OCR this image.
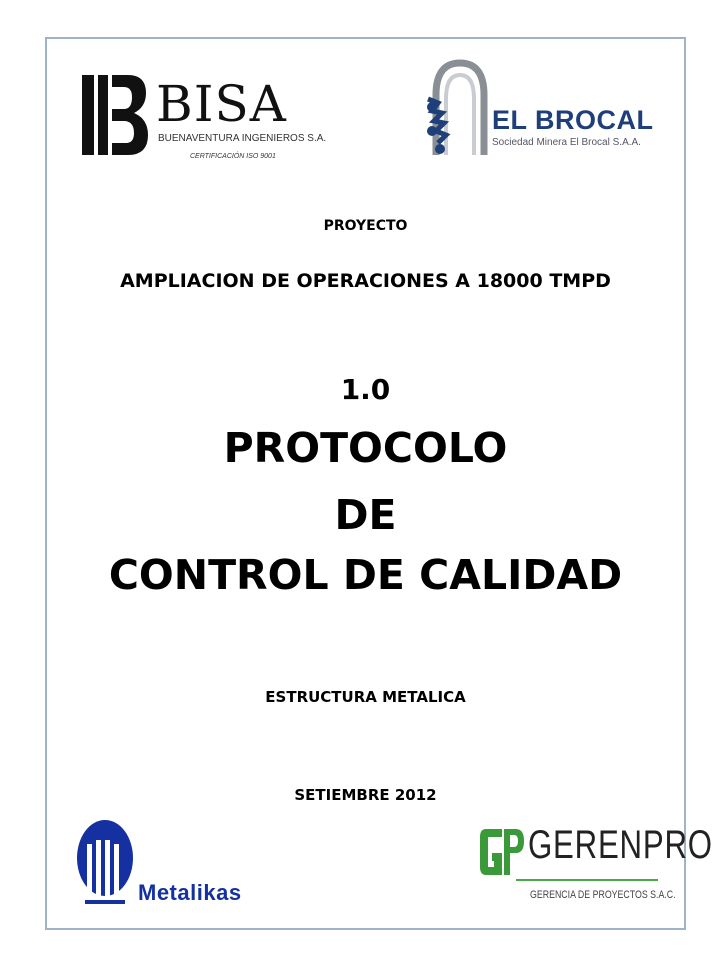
BISA
BUENAVENTURA INGENIEROS S.A.
CERTIFICACIÓN ISO 9001
EL BROCAL
Sociedad Minera El Brocal S.A.A.
PROYECTO
AMPLIACION DE OPERACIONES A 18000 TMPD
1.0
PROTOCOLO
DE
CONTROL DE CALIDAD
ESTRUCTURA METALICA
SETIEMBRE 2012
Metalikas
GERENPRO
GERENCIA DE PROYECTOS S.A.C.
